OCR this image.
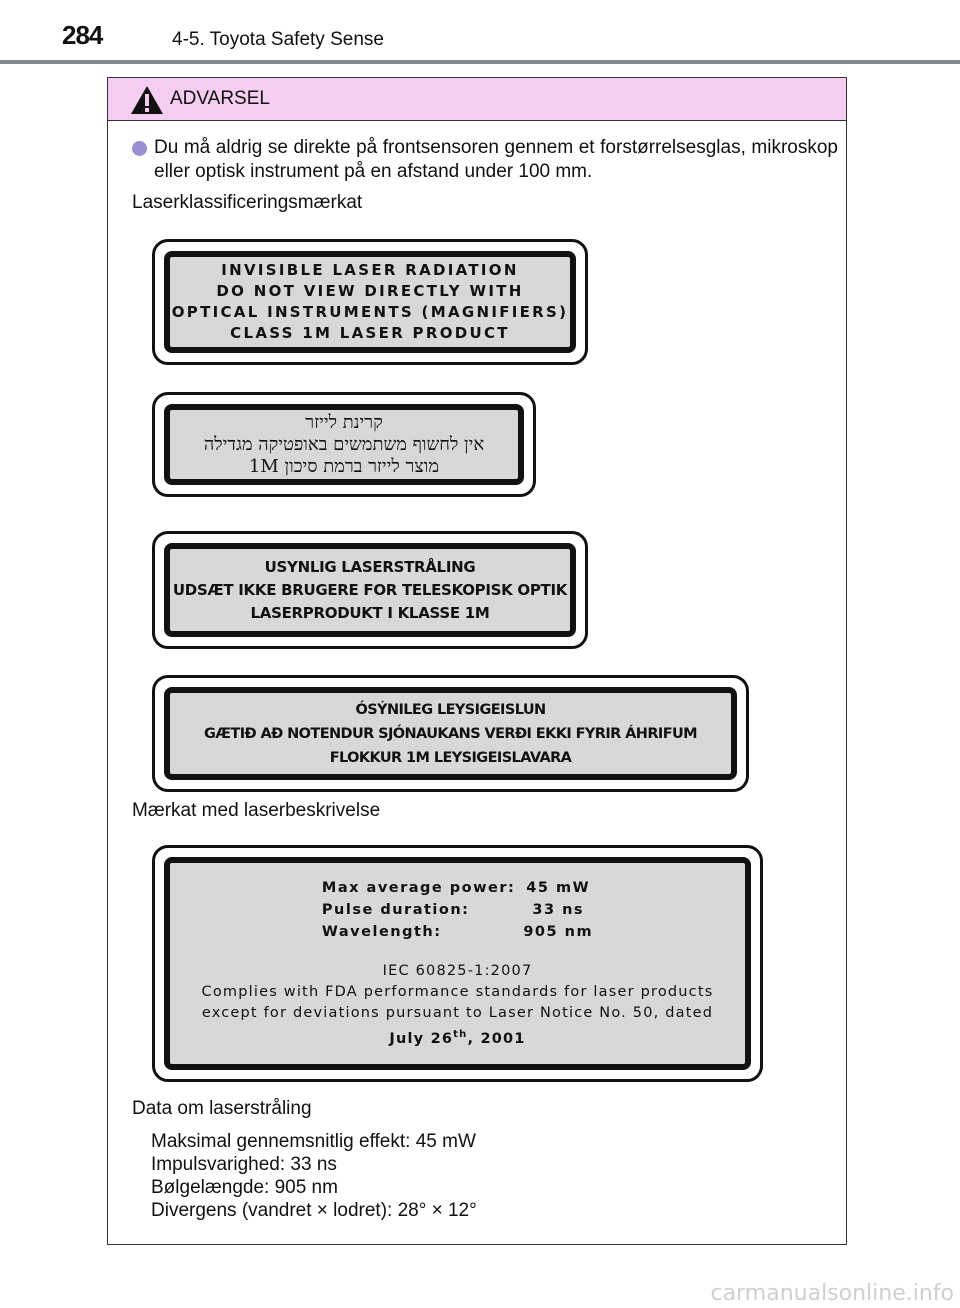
284	4-5. Toyota Safety Sense
ADVARSEL
Du må aldrig se direkte på frontsensoren gennem et forstørrelsesglas, mikroskop eller optisk instrument på en afstand under 100 mm.
Laserklassificeringsmærkat
INVISIBLE LASER RADIATION
DO NOT VIEW DIRECTLY WITH
OPTICAL INSTRUMENTS (MAGNIFIERS)
CLASS 1M LASER PRODUCT
קרינת לייזר
אין לחשוף משתמשים באופטיקה מגדילה
מוצר לייזר ברמת סיכון 1M
USYNLIG LASERSTRÅLING
UDSÆT IKKE BRUGERE FOR TELESKOPISK OPTIK
LASERPRODUKT I KLASSE 1M
ÓSÝNILEG LEYSIGEISLUN
GÆTIÐ AÐ NOTENDUR SJÓNAUKANS VERÐI EKKI FYRIR ÁHRIFUM
FLOKKUR 1M LEYSIGEISLAVARA
Mærkat med laserbeskrivelse
Max average power:	45 mW
Pulse duration:	33 ns
Wavelength:	905 nm
IEC 60825-1:2007
Complies with FDA performance standards for laser products
except for deviations pursuant to Laser Notice No. 50, dated
July 26th, 2001
Data om laserstråling
Maksimal gennemsnitlig effekt: 45 mW
Impulsvarighed: 33 ns
Bølgelængde: 905 nm
Divergens (vandret × lodret): 28° × 12°
carmanualsonline.info
